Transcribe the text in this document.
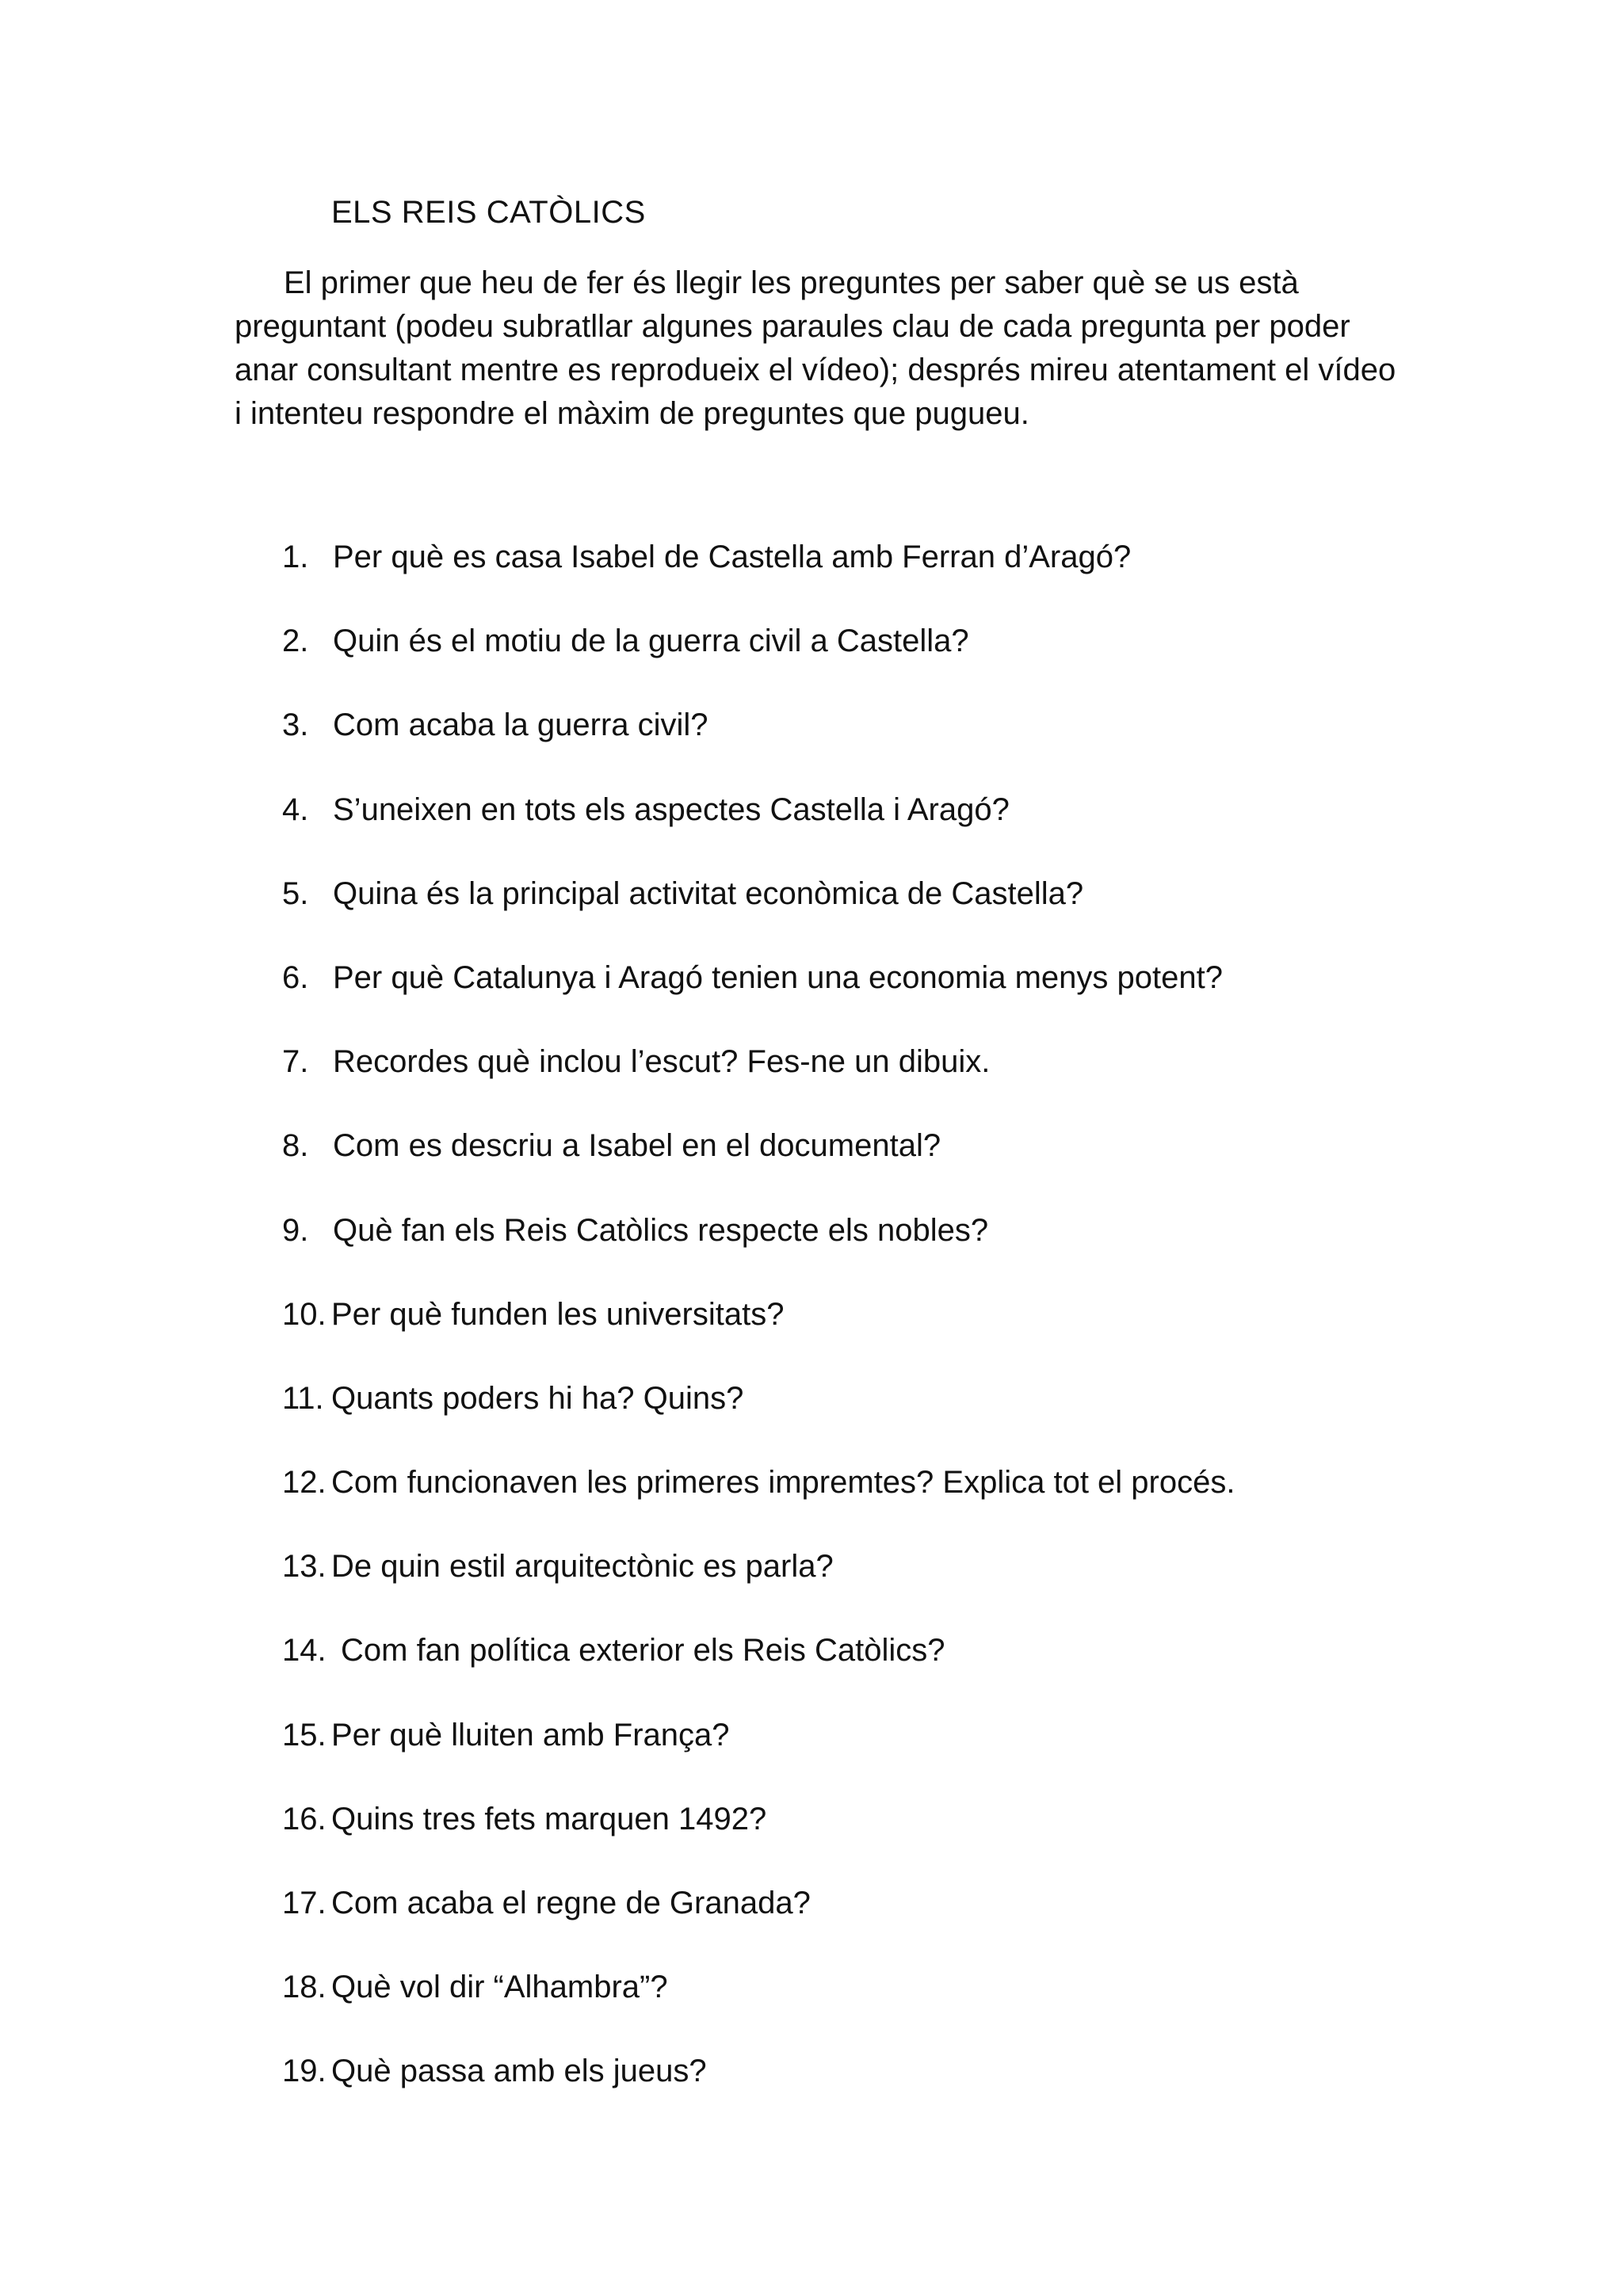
ELS REIS CATÒLICS

El primer que heu de fer és llegir les preguntes per saber què se us està preguntant (podeu subratllar algunes paraules clau de cada pregunta per poder anar consultant mentre es reprodueix el vídeo); després mireu atentament el vídeo i intenteu respondre el màxim de preguntes que pugueu.

1. Per què es casa Isabel de Castella amb Ferran d’Aragó?
2. Quin és el motiu de la guerra civil a Castella?
3. Com acaba la guerra civil?
4. S’uneixen en tots els aspectes Castella i Aragó?
5. Quina és la principal activitat econòmica de Castella?
6. Per què Catalunya i Aragó tenien una economia menys potent?
7. Recordes què inclou l’escut? Fes-ne un dibuix.
8. Com es descriu a Isabel en el documental?
9. Què fan els Reis Catòlics respecte els nobles?
10. Per què funden les universitats?
11. Quants poders hi ha? Quins?
12. Com funcionaven les primeres impremtes? Explica tot el procés.
13. De quin estil arquitectònic es parla?
14. Com fan política exterior els Reis Catòlics?
15. Per què lluiten amb França?
16. Quins tres fets marquen 1492?
17. Com acaba el regne de Granada?
18. Què vol dir “Alhambra”?
19. Què passa amb els jueus?
